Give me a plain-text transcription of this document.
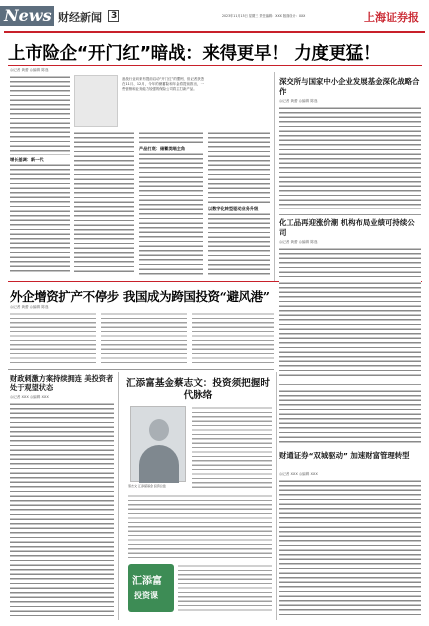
News 财经新闻 3	2023年11月15日 星期三 责任编辑：XXX 版面设计：XXX	上海证券报
上市险企“开门红”暗战：来得更早！ 力度更猛！
◎记者 黄蕾 ◎编辑 陈逸
增长基调：新一代
备战行业向来有提前启动“开门红”的惯例，但记者获悉在11月、12月，今年的储蓄险和年金将提前推出，一些营销和业务能力较强的保险公司将主打新产品。
产品打底：储蓄类唱主角
以数字化转型驱动业务升级
深交所与国家中小企业发展基金深化战略合作
◎记者 黄蕾 ◎编辑 陈逸
化工品再迎涨价潮 机构布局业绩可持续公司
◎记者 黄蕾 ◎编辑 陈逸
外企增资扩产不停步 我国成为跨国投资“避风港”
◎记者 黄蕾 ◎编辑 陈逸
财政刺激方案持续拥连 美投资者处于观望状态
◎记者 XXX ◎编辑 XXX
汇添富基金蔡志文：投资须把握时代脉络
蔡志文 汇添富基金 投资总监
汇添富
投资课
财通证券“双城驱动” 加速财富管理转型
◎记者 XXX ◎编辑 XXX
